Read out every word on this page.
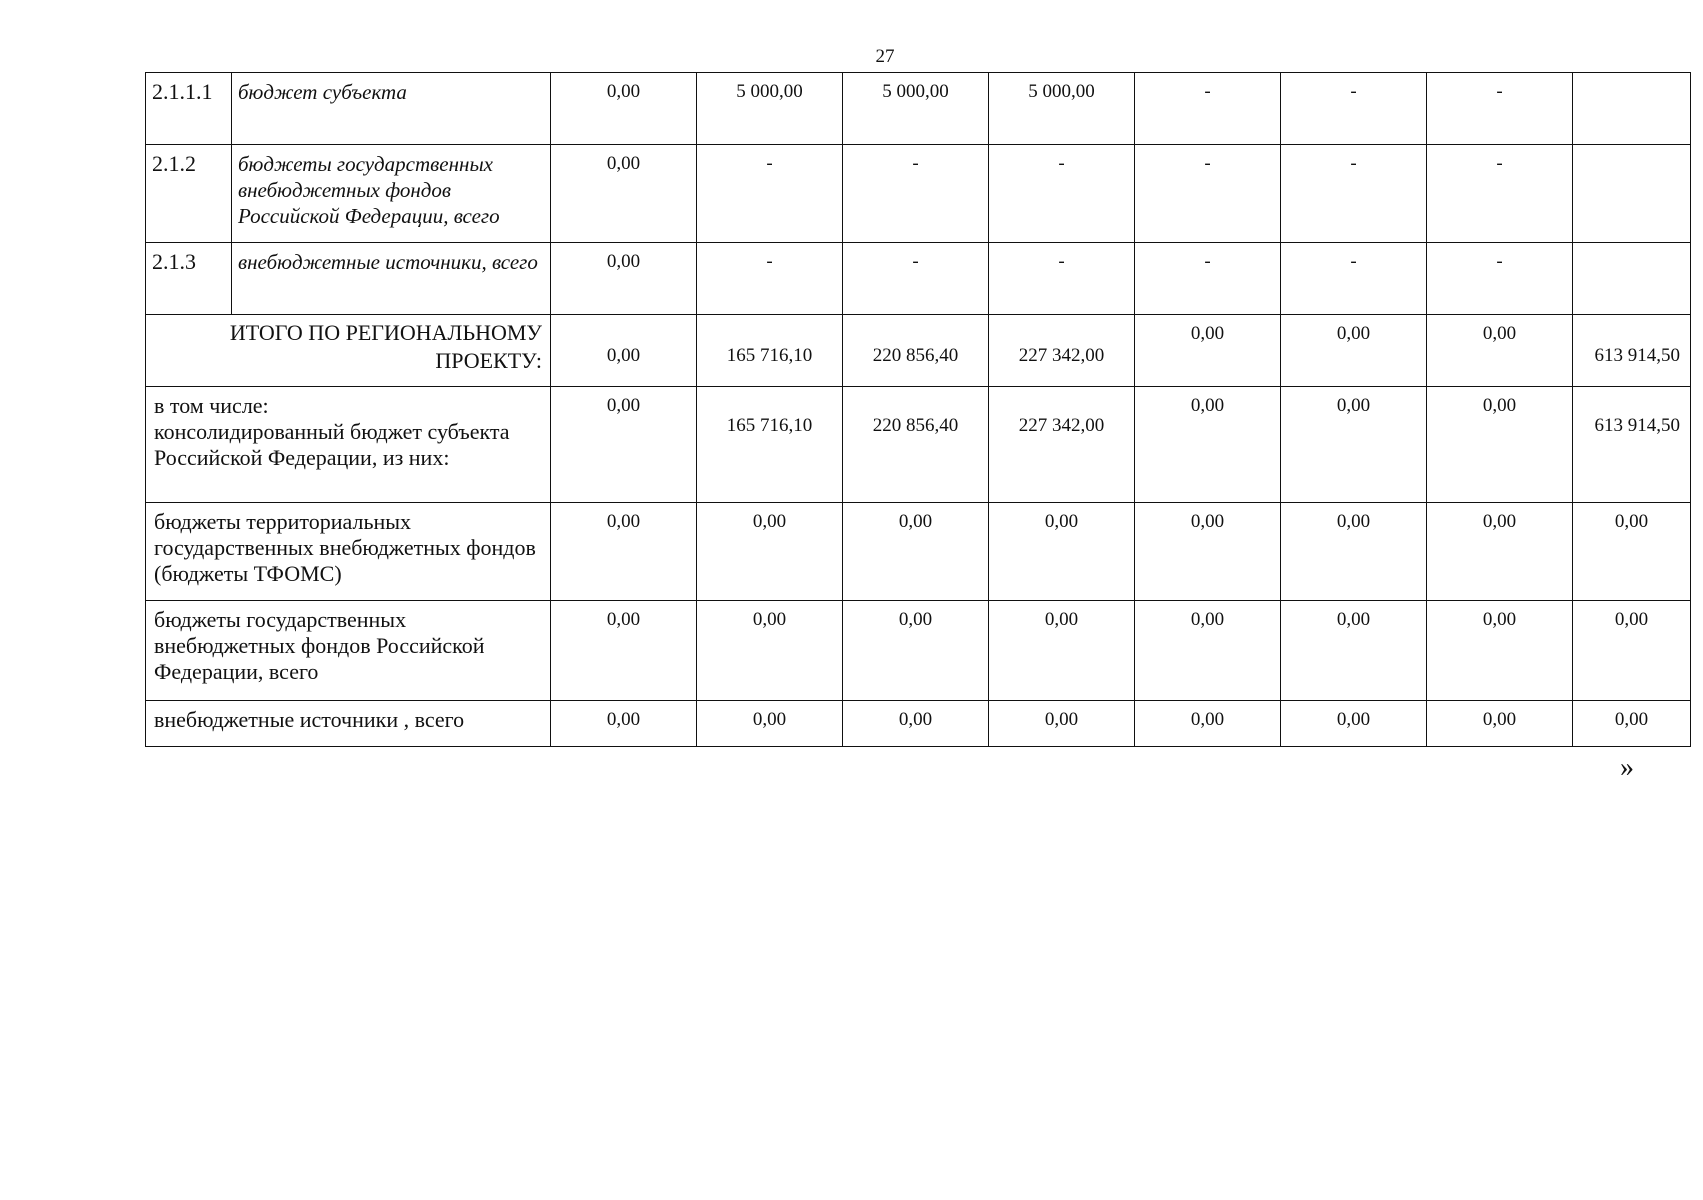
27
2.1.1.1	бюджет субъекта	0,00	5 000,00	5 000,00	5 000,00	-	-	-	
2.1.2	бюджеты государственных внебюджетных фондов Российской Федерации, всего	0,00	-	-	-	-	-	-	
2.1.3	внебюджетные источники, всего	0,00	-	-	-	-	-	-	

ИТОГО ПО РЕГИОНАЛЬНОМУ
ПРОЕКТУ:		0,00	165 716,10	220 856,40	227 342,00	0,00	0,00	0,00	613 914,50

в том числе:
консолидированный бюджет субъекта Российской Федерации, из них:		0,00	165 716,10	220 856,40	227 342,00	0,00	0,00	0,00	613 914,50
бюджеты территориальных государственных внебюджетных фондов (бюджеты ТФОМС)		0,00	0,00	0,00	0,00	0,00	0,00	0,00	0,00
бюджеты государственных внебюджетных фондов Российской Федерации, всего		0,00	0,00	0,00	0,00	0,00	0,00	0,00	0,00
внебюджетные источники , всего		0,00	0,00	0,00	0,00	0,00	0,00	0,00	0,00
»
